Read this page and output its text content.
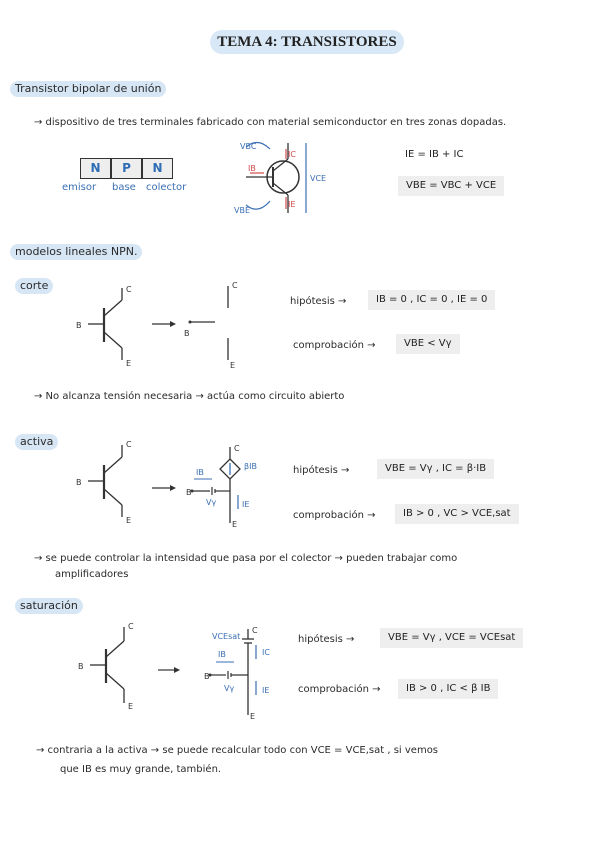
TEMA 4: TRANSISTORES
Transistor bipolar de unión
→ dispositivo de tres terminales fabricado con material semiconductor en tres zonas dopadas.
N	P	N
emisor base colector
VBC
IC
IB
VCE
VBE
IE
IE = IB + IC
VBE = VBC + VCE
modelos lineales NPN.
corte	C
B
E
C
B
E
hipótesis →	IB = 0 , IC = 0 , IE = 0
comprobación →	VBE < Vγ
→ No alcanza tensión necesaria → actúa como circuito abierto
activa	C
B
E
IB
βIB
Vγ	IE
C
B
E
hipótesis →	VBE = Vγ , IC = β·IB
comprobación →	IB > 0 , VC > VCE,sat
→ se puede controlar la intensidad que pasa por el colector → pueden trabajar como
amplificadores
saturación
C
B
E
VCEsat
IB	IC
Vγ	IE
C
B
E
hipótesis →	VBE = Vγ , VCE = VCEsat
comprobación →	IB > 0 , IC < β IB
→ contraria a la activa → se puede recalcular todo con VCE = VCE,sat , si vemos
que IB es muy grande, también.
